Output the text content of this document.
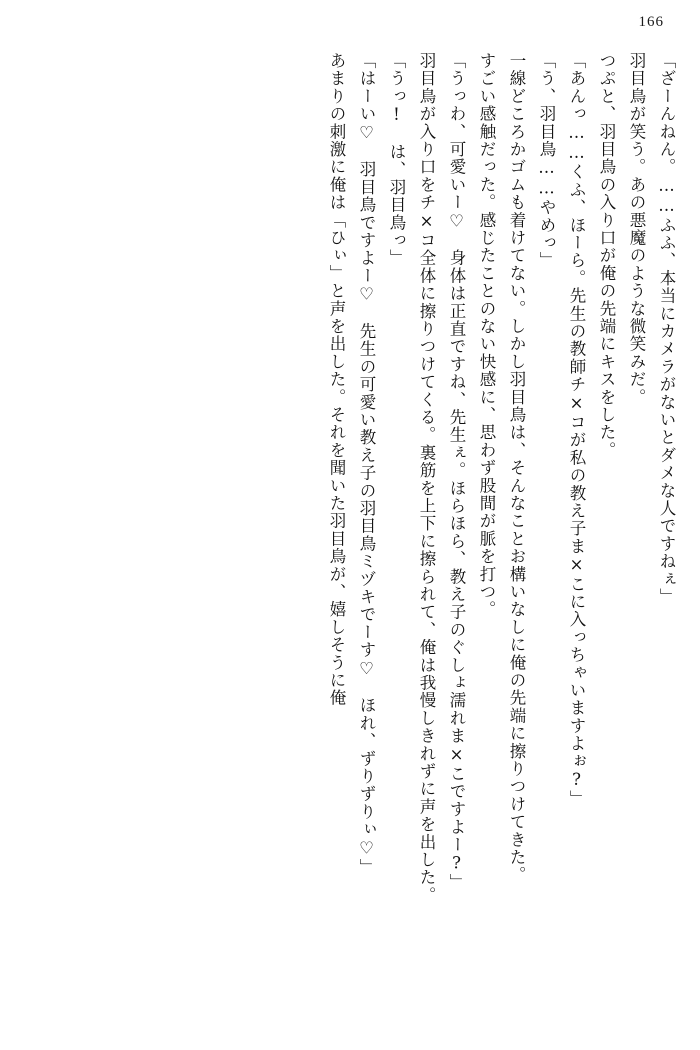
166
「ざーんねん。……ふふ、本当にカメラがないとダメな人ですねぇ」
羽目鳥が笑う。あの悪魔のような微笑みだ。
つぷと、羽目鳥の入り口が俺の先端にキスをした。
「あんっ……くふ、ほーら。先生の教師チ×コが私の教え子ま×こに入っちゃいますよぉ?」
「う、羽目鳥……やめっ」
一線どころかゴムも着けてない。しかし羽目鳥は、そんなことお構いなしに俺の先端に擦りつけてきた。
すごい感触だった。感じたことのない快感に、思わず股間が脈を打つ。
「うっわ、可愛いー♡　身体は正直ですね、先生ぇ。ほらほら、教え子のぐしょ濡れま×こですよー?」
羽目鳥が入り口をチ×コ全体に擦りつけてくる。裏筋を上下に擦られて、俺は我慢しきれずに声を出した。
「うっ!　は、羽目鳥っ」
「はーい♡　羽目鳥ですよー♡　先生の可愛い教え子の羽目鳥ミヅキでーす♡　ほれ、ずりずりぃ♡」
あまりの刺激に俺は「ひぃ」と声を出した。それを聞いた羽目鳥が、嬉しそうに俺
